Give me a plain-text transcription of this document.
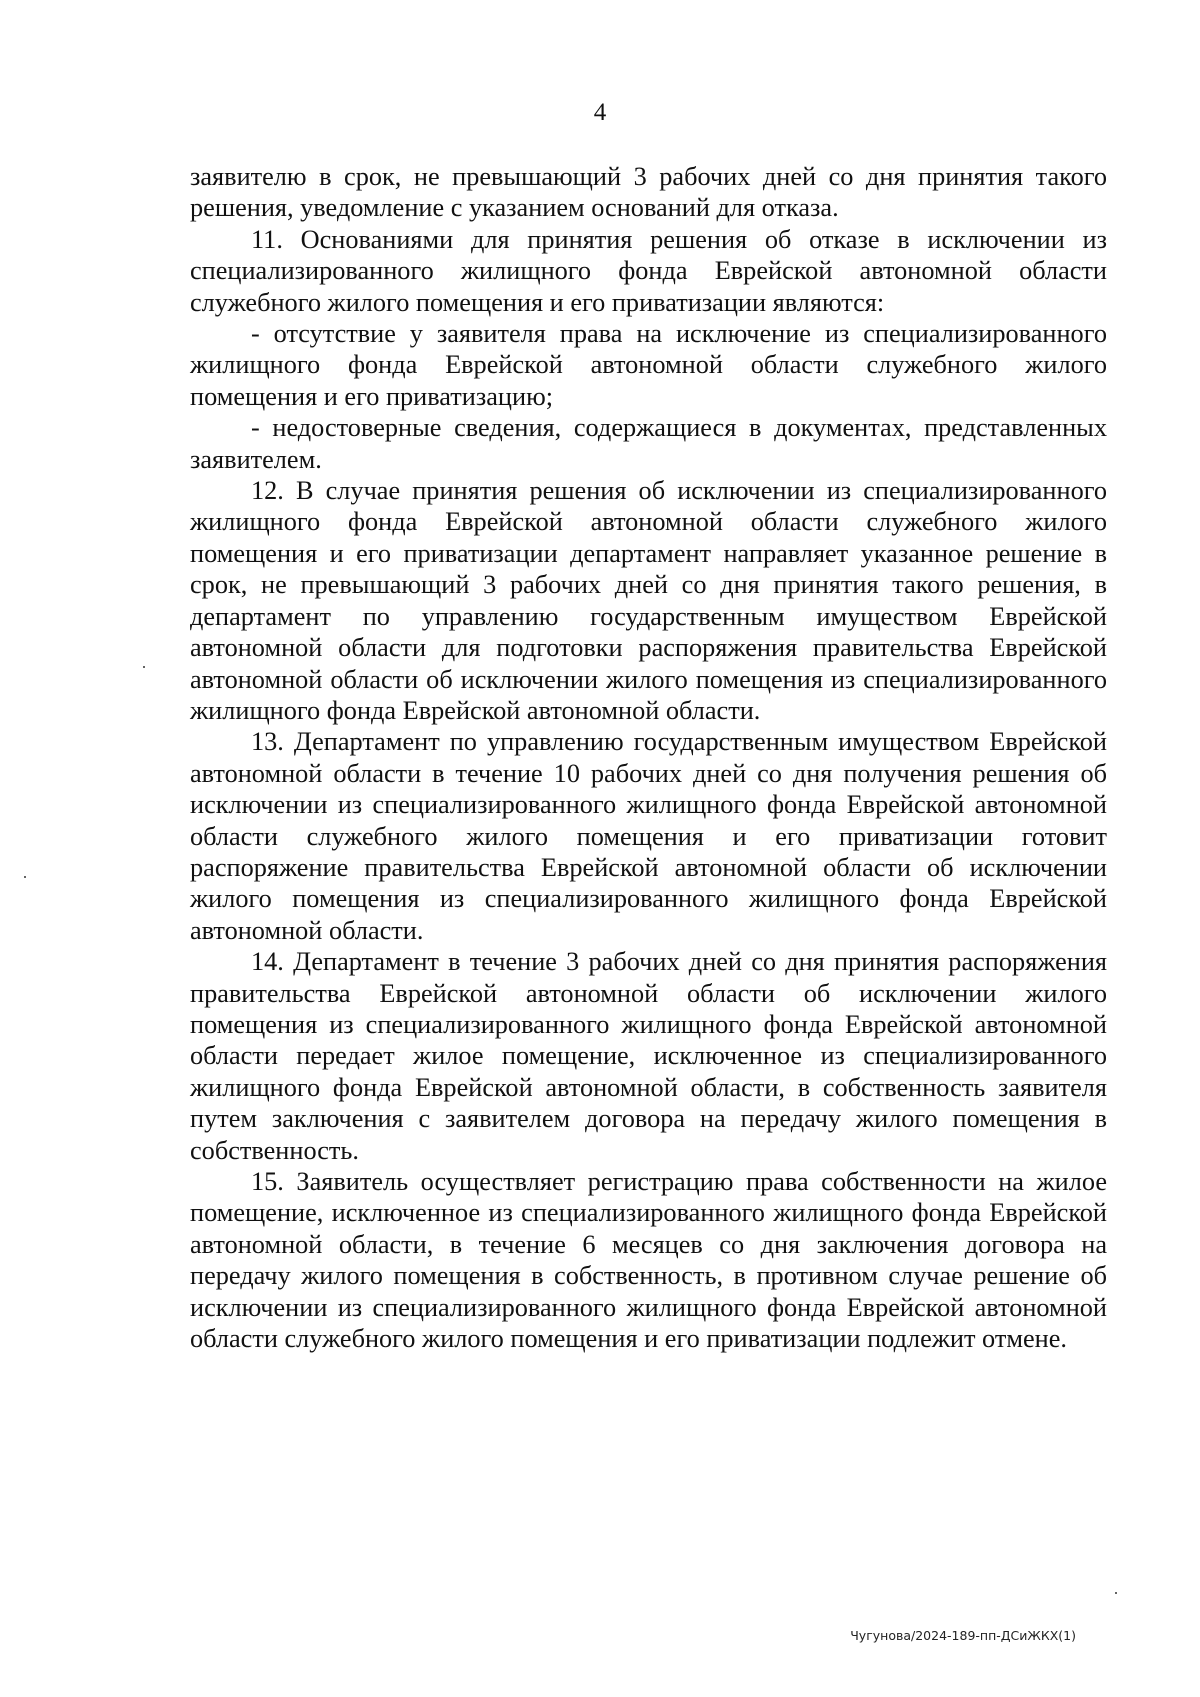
4

заявителю в срок, не превышающий 3 рабочих дней со дня принятия такого решения, уведомление с указанием оснований для отказа.

11. Основаниями для принятия решения об отказе в исключении из специализированного жилищного фонда Еврейской автономной области служебного жилого помещения и его приватизации являются:

- отсутствие у заявителя права на исключение из специализированного жилищного фонда Еврейской автономной области служебного жилого помещения и его приватизацию;

- недостоверные сведения, содержащиеся в документах, представленных заявителем.

12. В случае принятия решения об исключении из специализированного жилищного фонда Еврейской автономной области служебного жилого помещения и его приватизации департамент направляет указанное решение в срок, не превышающий 3 рабочих дней со дня принятия такого решения, в департамент по управлению государственным имуществом Еврейской автономной области для подготовки распоряжения правительства Еврейской автономной области об исключении жилого помещения из специализированного жилищного фонда Еврейской автономной области.

13. Департамент по управлению государственным имуществом Еврейской автономной области в течение 10 рабочих дней со дня получения решения об исключении из специализированного жилищного фонда Еврейской автономной области служебного жилого помещения и его приватизации готовит распоряжение правительства Еврейской автономной области об исключении жилого помещения из специализированного жилищного фонда Еврейской автономной области.

14. Департамент в течение 3 рабочих дней со дня принятия распоряжения правительства Еврейской автономной области об исключении жилого помещения из специализированного жилищного фонда Еврейской автономной области передает жилое помещение, исключенное из специализированного жилищного фонда Еврейской автономной области, в собственность заявителя путем заключения с заявителем договора на передачу жилого помещения в собственность.

15. Заявитель осуществляет регистрацию права собственности на жилое помещение, исключенное из специализированного жилищного фонда Еврейской автономной области, в течение 6 месяцев со дня заключения договора на передачу жилого помещения в собственность, в противном случае решение об исключении из специализированного жилищного фонда Еврейской автономной области служебного жилого помещения и его приватизации подлежит отмене.

Чугунова/2024-189-пп-ДСиЖКХ(1)
